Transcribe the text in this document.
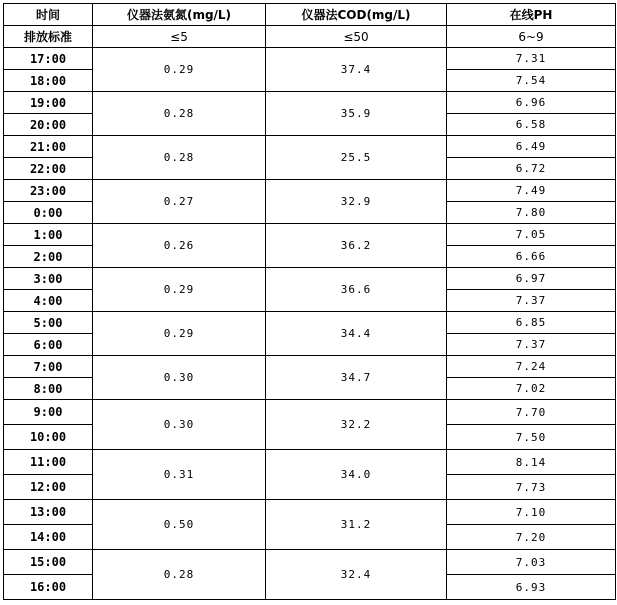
时间	仪器法氨氮(mg/L)	仪器法COD(mg/L)	在线PH
排放标准	≤5	≤50	6~9
17:00	0.29	37.4	7.31
18:00			7.54
19:00	0.28	35.9	6.96
20:00			6.58
21:00	0.28	25.5	6.49
22:00			6.72
23:00	0.27	32.9	7.49
0:00			7.80
1:00	0.26	36.2	7.05
2:00			6.66
3:00	0.29	36.6	6.97
4:00			7.37
5:00	0.29	34.4	6.85
6:00			7.37
7:00	0.30	34.7	7.24
8:00			7.02
9:00	0.30	32.2	7.70
10:00			7.50
11:00	0.31	34.0	8.14
12:00			7.73
13:00	0.50	31.2	7.10
14:00			7.20
15:00	0.28	32.4	7.03
16:00			6.93
